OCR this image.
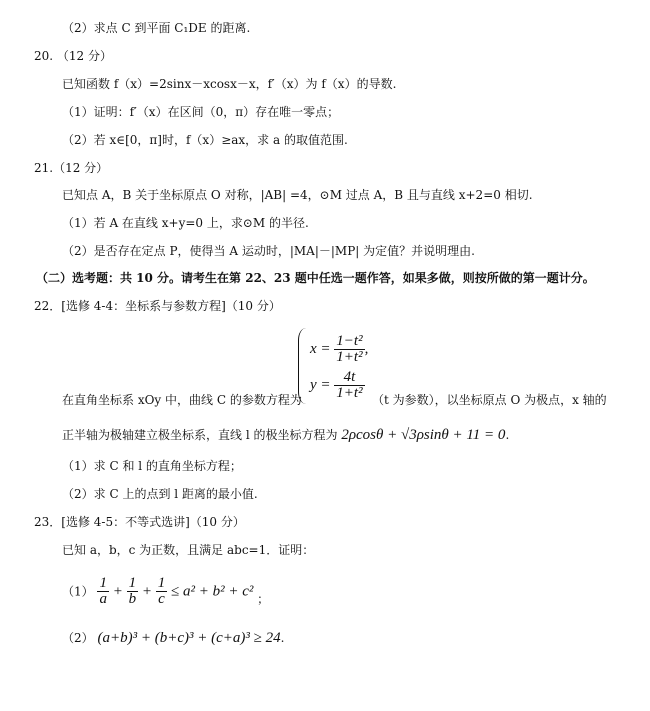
（2）求点 C 到平面 C₁DE 的距离.
20. （12 分）
已知函数 f（x）=2sinx－xcosx－x，f′（x）为 f（x）的导数.
（1）证明：f′（x）在区间（0，π）存在唯一零点；
（2）若 x∈[0，π]时，f（x）≥ax，求 a 的取值范围.
21.（12 分）
已知点 A，B 关于坐标原点 O 对称，|AB| =4，⊙M 过点 A，B 且与直线 x+2=0 相切.
（1）若 A 在直线 x+y=0 上，求⊙M 的半径.
（2）是否存在定点 P，使得当 A 运动时，|MA|－|MP| 为定值？并说明理由.
（二）选考题：共 10 分。请考生在第 22、23 题中任选一题作答，如果多做，则按所做的第一题计分。
22．[选修 4-4：坐标系与参数方程]（10 分）
$x = \frac{\text{1−t²}}{\text{1+t²}}$ ,
$y = \frac{4t}{\text{1+t²}}$
在直角坐标系 xOy 中，曲线 C 的参数方程为	（t 为参数），以坐标原点 O 为极点，x 轴的
正半轴为极轴建立极坐标系，直线 l 的极坐标方程为 2ρcosθ + √3ρsinθ + 11 = 0.
（1）求 C 和 l 的直角坐标方程；
（2）求 C 上的点到 l 距离的最小值.
23．[选修 4-5：不等式选讲]（10 分）
已知 a，b，c 为正数，且满足 abc=1．证明：
$(1) \frac{1}{a} + \frac{1}{b} + \frac{1}{c} \le a^2 + b^2 + c^2$ ；
（2） (a+b)³ + (b+c)³ + (c+a)³ ≥ 24.
